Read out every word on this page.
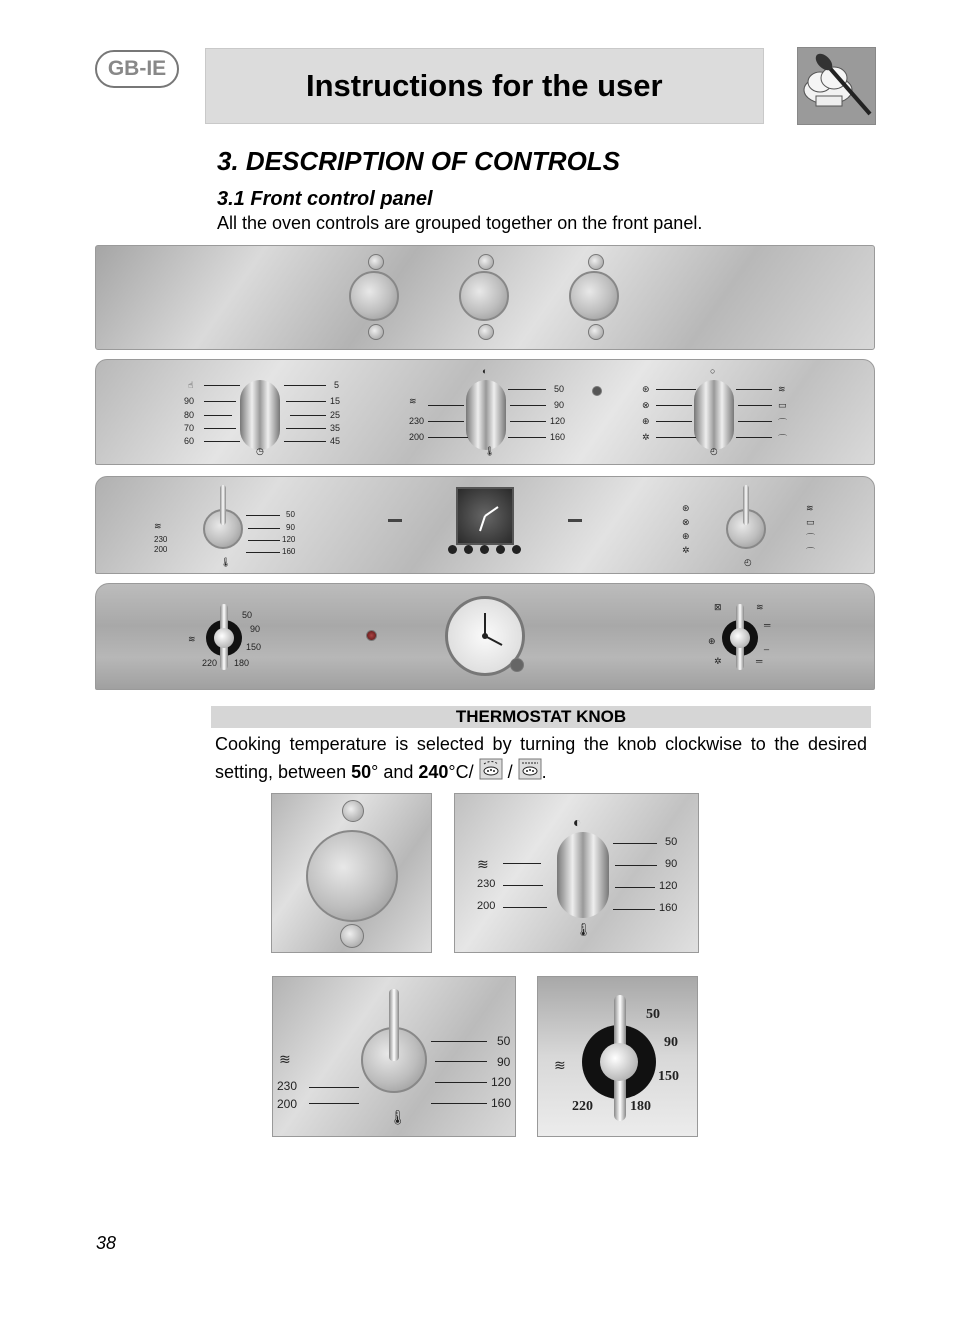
GB-IE	Instructions for the user
3. DESCRIPTION OF CONTROLS
3.1 Front control panel
All the oven controls are grouped together on the front panel.
☝
90
80
70
60
5
15
25
35
45
◷
◐
≋
230
200
50
90
120
160
🌡
○
⊛
⊗
⊕
✲
≋
▭
⌒
⌒
◴
≋
230
200
50
90
120
160
🌡
⊛
⊗
⊕
✲
≋
▭
⌒
⌒
◴
50
90
150
220 180
≋
⊠
⊕
✲
≋
═
_
═
THERMOSTAT KNOB
Cooking temperature is selected by turning the knob clockwise to the desired setting, between 50° and 240°C/  / .
◐
≋
230
200
50
90
120
160
🌡
≋
230
200
50
90
120
160
🌡
50
90
150
220	180
≋
38
